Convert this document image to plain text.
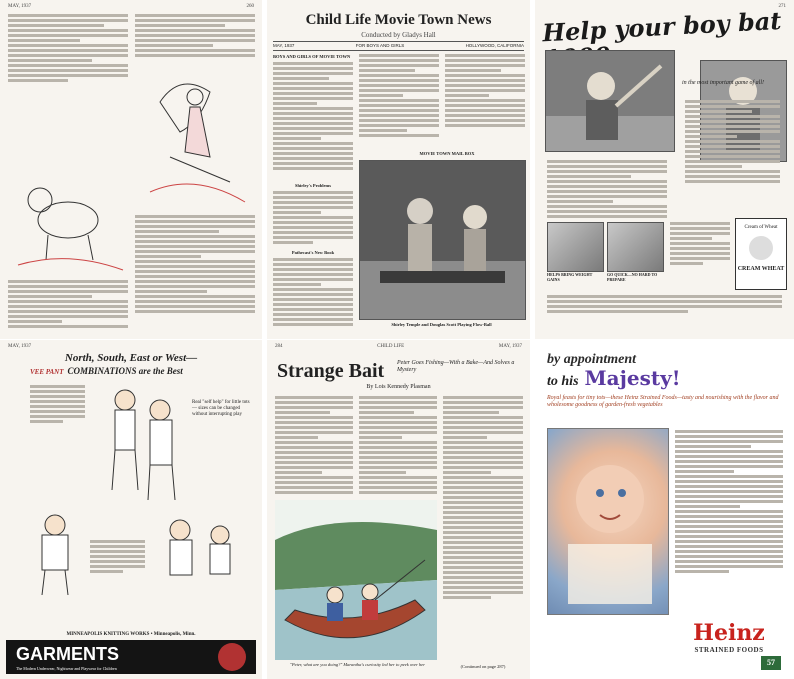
MAY, 1937	260
Child Life Movie Town News
Conducted by Gladys Hall
MAY, 1937	FOR BOYS AND GIRLS	HOLLYWOOD, CALIFORNIA
BOYS AND GIRLS OF MOVIE TOWN
Shirley's Problems
Pathecast's New Book
MOVIE TOWN MAIL BOX
Shirley Temple and Douglas Scott Playing Flow-Ball
271
Help your boy bat
in the most important game of all!
HELPS BRING WEIGHT GAINS
GO QUICK—NO HARD TO PREPARE
Cream of Wheat
CREAM WHEAT
MAY, 1937
North, South, East or West—
VEE PANT COMBINATIONS are the Best
Real "self help" for little tots — sizes can be changed without interrupting play
MINNEAPOLIS KNITTING WORKS • Minneapolis, Minn.
GARMENTS
The Modern Underwear, Nightwear and Playwear for Children
284	CHILD LIFE	MAY, 1937
Strange Bait Peter Goes Fishing—With a Bake—And Solves a Mystery
By Lois Kennedy Plasman
"Peter, what are you doing?" Marantha's curiosity led her to peek over her	(Continued on page 287)
by appointment
to his Majesty!
Royal feasts for tiny tots—these Heinz Strained Foods—tasty and nourishing with the flavor and wholesome goodness of garden-fresh vegetables
Heinz
STRAINED FOODS
57
